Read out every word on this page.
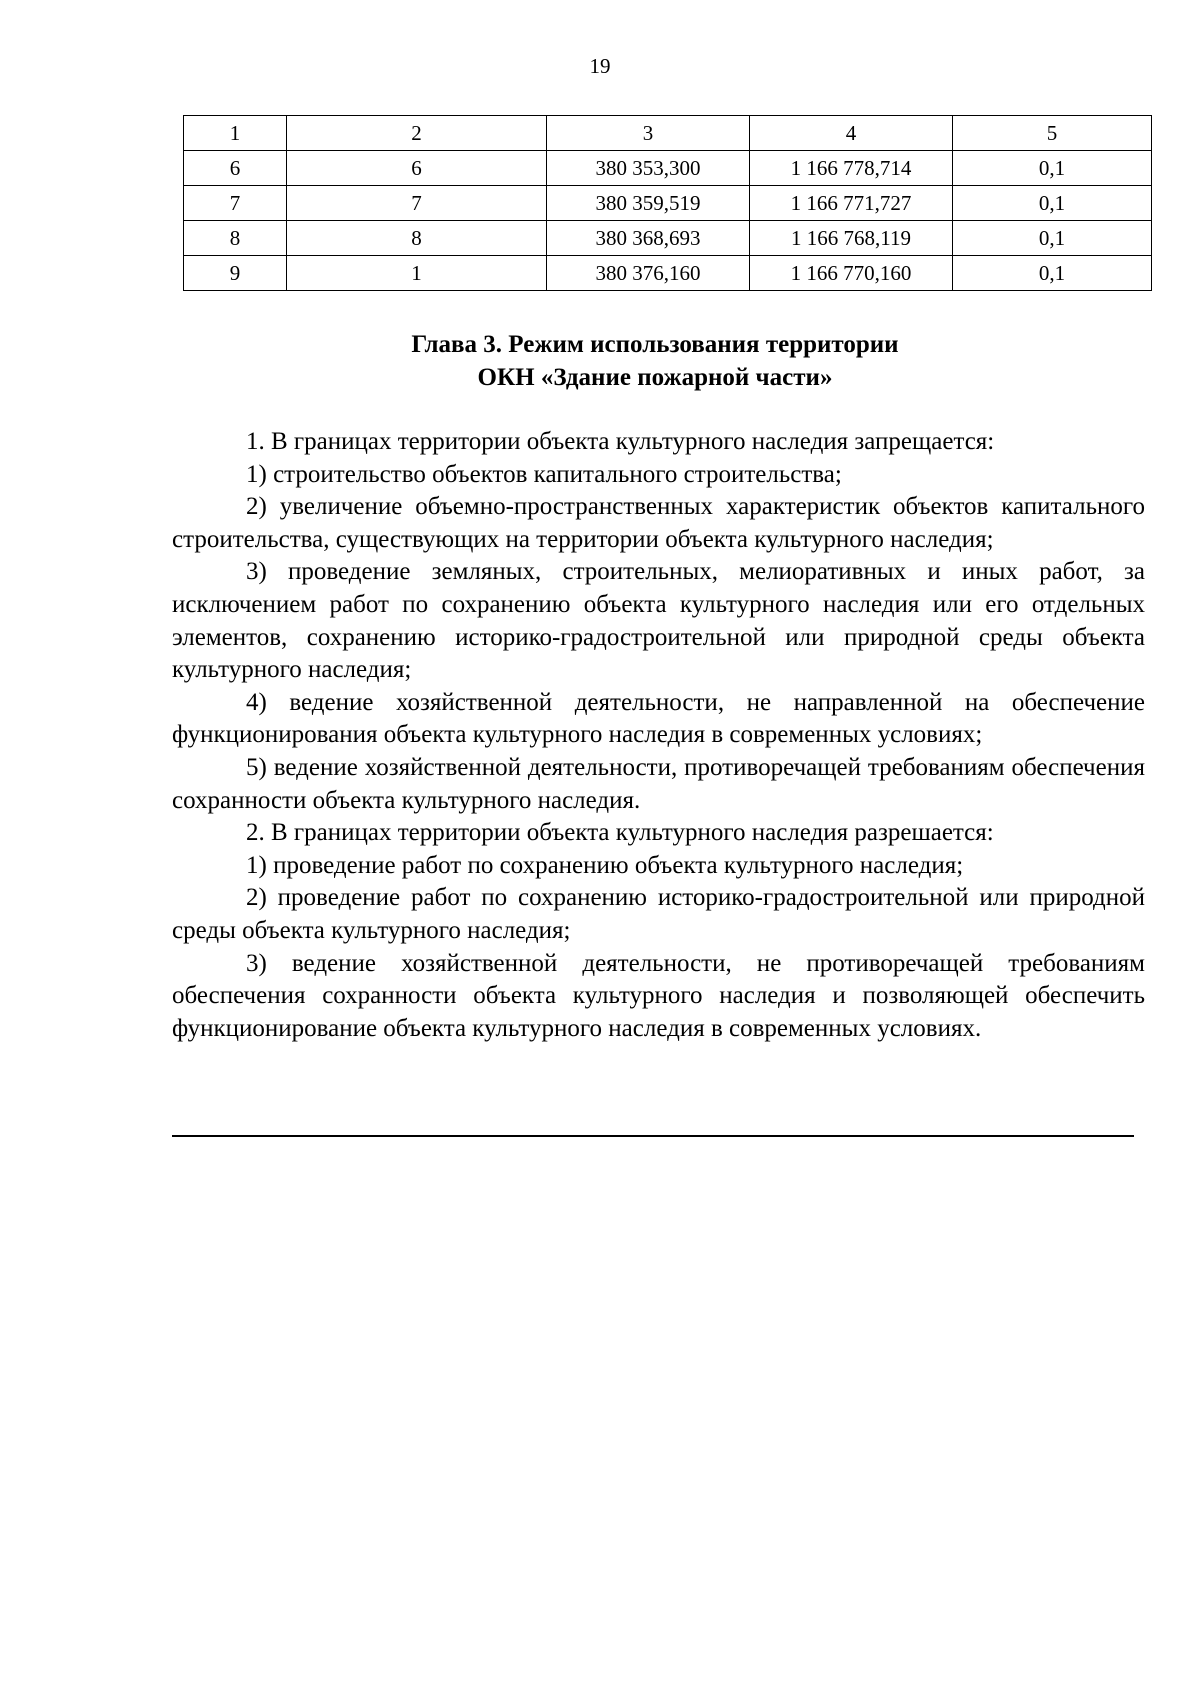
19
1	2	3	4	5
6	6	380 353,300	1 166 778,714	0,1
7	7	380 359,519	1 166 771,727	0,1
8	8	380 368,693	1 166 768,119	0,1
9	1	380 376,160	1 166 770,160	0,1
Глава 3. Режим использования территории
ОКН «Здание пожарной части»

1. В границах территории объекта культурного наследия запрещается:

1) строительство объектов капитального строительства;

2) увеличение объемно-пространственных характеристик объектов капитального строительства, существующих на территории объекта культурного наследия;

3) проведение земляных, строительных, мелиоративных и иных работ, за исключением работ по сохранению объекта культурного наследия или его отдельных элементов, сохранению историко-градостроительной или природной среды объекта культурного наследия;

4) ведение хозяйственной деятельности, не направленной на обеспечение функционирования объекта культурного наследия в современных условиях;

5) ведение хозяйственной деятельности, противоречащей требованиям обеспечения сохранности объекта культурного наследия.

2. В границах территории объекта культурного наследия разрешается:

1) проведение работ по сохранению объекта культурного наследия;

2) проведение работ по сохранению историко-градостроительной или природной среды объекта культурного наследия;

3) ведение хозяйственной деятельности, не противоречащей требованиям обеспечения сохранности объекта культурного наследия и позволяющей обеспечить функционирование объекта культурного наследия в современных условиях.
